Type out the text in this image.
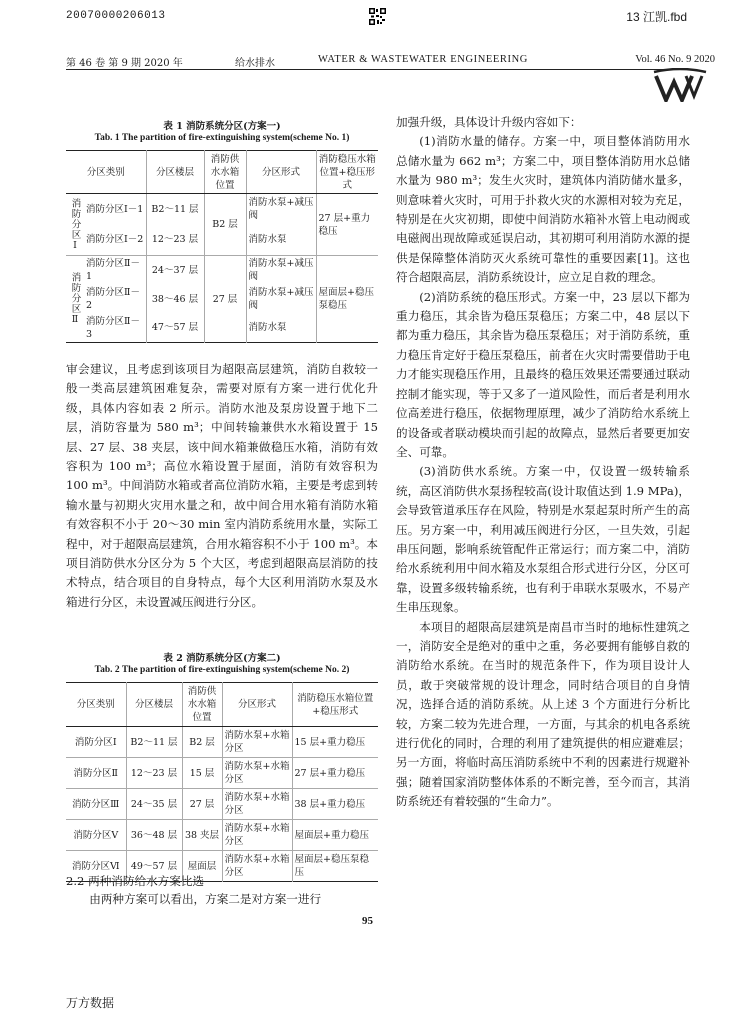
20070000206013	13 江凯.fbd
第 46 卷 第 9 期 2020 年	给水排水	WATER & WASTEWATER ENGINEERING	Vol. 46 No. 9 2020
表 1 消防系统分区(方案一)
Tab. 1 The partition of fire-extinguishing system(scheme No. 1)
分区类别		分区楼层	消防供水水箱位置	分区形式	消防稳压水箱位置+稳压形式
消防分区Ⅰ	消防分区Ⅰ－1	B2～11 层	B2 层	消防水泵+减压阀	27 层+重力稳压
	消防分区Ⅰ－2	12～23 层		消防水泵	
消防分区Ⅱ	消防分区Ⅱ－1	24～37 层	27 层	消防水泵+减压阀	屋面层+稳压泵稳压
	消防分区Ⅱ－2	38～46 层		消防水泵+减压阀	
	消防分区Ⅱ－3	47～57 层		消防水泵	

审会建议，且考虑到该项目为超限高层建筑，消防自救较一般一类高层建筑困难复杂，需要对原有方案一进行优化升级，具体内容如表 2 所示。消防水池及泵房设置于地下二层，消防容量为 580 m³；中间转输兼供水水箱设置于 15 层、27 层、38 夹层，该中间水箱兼做稳压水箱，消防有效容积为 100 m³；高位水箱设置于屋面，消防有效容积为 100 m³。中间消防水箱或者高位消防水箱，主要是考虑到转输水量与初期火灾用水量之和，故中间合用水箱有消防水箱有效容积不小于 20～30 min 室内消防系统用水量，实际工程中，对于超限高层建筑，合用水箱容积不小于 100 m³。本项目消防供水分区分为 5 个大区，考虑到超限高层消防的技术特点，结合项目的自身特点，每个大区利用消防水泵及水箱进行分区，未设置减压阀进行分区。

表 2 消防系统分区(方案二)
Tab. 2 The partition of fire-extinguishing system(scheme No. 2)
分区类别	分区楼层	消防供水水箱位置	分区形式	消防稳压水箱位置+稳压形式
消防分区Ⅰ	B2～11 层	B2 层	消防水泵+水箱分区	15 层+重力稳压
消防分区Ⅱ	12～23 层	15 层	消防水泵+水箱分区	27 层+重力稳压
消防分区Ⅲ	24～35 层	27 层	消防水泵+水箱分区	38 层+重力稳压
消防分区Ⅴ	36～48 层	38 夹层	消防水泵+水箱分区	屋面层+重力稳压
消防分区Ⅵ	49～57 层	屋面层	消防水泵+水箱分区	屋面层+稳压泵稳压
2.2 两种消防给水方案比选

由两种方案可以看出，方案二是对方案一进行

加强升级，具体设计升级内容如下：

(1)消防水量的储存。方案一中，项目整体消防用水总储水量为 662 m³；方案二中，项目整体消防用水总储水量为 980 m³；发生火灾时，建筑体内消防储水量多，则意味着火灾时，可用于扑救火灾的水源相对较为充足，特别是在火灾初期，即使中间消防水箱补水管上电动阀或电磁阀出现故障或延误启动，其初期可利用消防水源的提供是保障整体消防灭火系统可靠性的重要因素[1]。这也符合超限高层，消防系统设计，应立足自救的理念。

(2)消防系统的稳压形式。方案一中，23 层以下都为重力稳压，其余皆为稳压泵稳压；方案二中，48 层以下都为重力稳压，其余皆为稳压泵稳压；对于消防系统，重力稳压肯定好于稳压泵稳压，前者在火灾时需要借助于电力才能实现稳压作用，且最终的稳压效果还需要通过联动控制才能实现，等于又多了一道风险性，而后者是利用水位高差进行稳压，依据物理原理，减少了消防给水系统上的设备或者联动模块而引起的故障点，显然后者要更加安全、可靠。

(3)消防供水系统。方案一中，仅设置一级转输系统，高区消防供水泵扬程较高(设计取值达到 1.9 MPa)，会导致管道承压存在风险，特别是水泵起泵时所产生的高压。另方案一中，利用减压阀进行分区，一旦失效，引起串压问题，影响系统管配件正常运行；而方案二中，消防给水系统利用中间水箱及水泵组合形式进行分区，分区可靠，设置多级转输系统，也有利于串联水泵吸水，不易产生串压现象。

本项目的超限高层建筑是南昌市当时的地标性建筑之一，消防安全是绝对的重中之重，务必要拥有能够自救的消防给水系统。在当时的规范条件下，作为项目设计人员，敢于突破常规的设计理念，同时结合项目的自身情况，选择合适的消防系统。从上述 3 个方面进行分析比较，方案二较为先进合理，一方面，与其余的机电各系统进行优化的同时，合理的利用了建筑提供的相应避难层；另一方面，将临时高压消防系统中不利的因素进行规避补强；随着国家消防整体体系的不断完善，至今而言，其消防系统还有着较强的“生命力”。

95
万方数据
